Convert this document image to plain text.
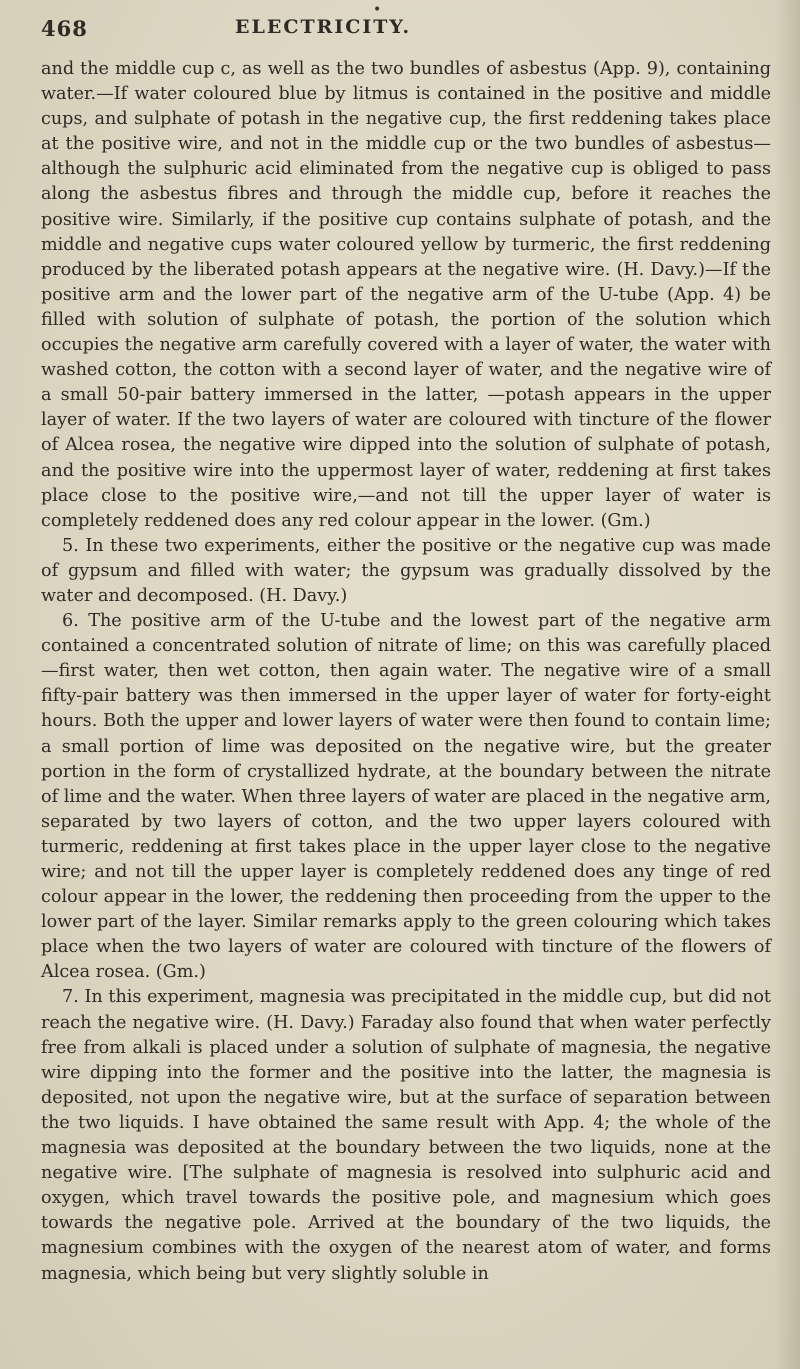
•
468	ELECTRICITY.

and the middle cup c, as well as the two bundles of asbestus (App. 9), containing water.—If water coloured blue by litmus is contained in the positive and middle cups, and sulphate of potash in the negative cup, the first reddening takes place at the positive wire, and not in the middle cup or the two bundles of asbestus—although the sulphuric acid eliminated from the negative cup is obliged to pass along the asbestus fibres and through the middle cup, before it reaches the positive wire. Similarly, if the positive cup contains sulphate of potash, and the middle and negative cups water coloured yellow by turmeric, the first reddening produced by the liberated potash appears at the negative wire. (H. Davy.)—If the positive arm and the lower part of the negative arm of the U-tube (App. 4) be filled with solution of sulphate of potash, the portion of the solution which occupies the negative arm carefully covered with a layer of water, the water with washed cotton, the cotton with a second layer of water, and the negative wire of a small 50-pair battery immersed in the latter, —potash appears in the upper layer of water. If the two layers of water are coloured with tincture of the flower of Alcea rosea, the negative wire dipped into the solution of sulphate of potash, and the positive wire into the uppermost layer of water, reddening at first takes place close to the positive wire,—and not till the upper layer of water is completely reddened does any red colour appear in the lower. (Gm.)

5. In these two experiments, either the positive or the negative cup was made of gypsum and filled with water; the gypsum was gradually dissolved by the water and decomposed. (H. Davy.)

6. The positive arm of the U-tube and the lowest part of the negative arm contained a concentrated solution of nitrate of lime; on this was carefully placed—first water, then wet cotton, then again water. The negative wire of a small fifty-pair battery was then immersed in the upper layer of water for forty-eight hours. Both the upper and lower layers of water were then found to contain lime; a small portion of lime was deposited on the negative wire, but the greater portion in the form of crystallized hydrate, at the boundary between the nitrate of lime and the water. When three layers of water are placed in the negative arm, separated by two layers of cotton, and the two upper layers coloured with turmeric, reddening at first takes place in the upper layer close to the negative wire; and not till the upper layer is completely reddened does any tinge of red colour appear in the lower, the reddening then proceeding from the upper to the lower part of the layer. Similar remarks apply to the green colouring which takes place when the two layers of water are coloured with tincture of the flowers of Alcea rosea. (Gm.)

7. In this experiment, magnesia was precipitated in the middle cup, but did not reach the negative wire. (H. Davy.) Faraday also found that when water perfectly free from alkali is placed under a solution of sulphate of magnesia, the negative wire dipping into the former and the positive into the latter, the magnesia is deposited, not upon the negative wire, but at the surface of separation between the two liquids. I have obtained the same result with App. 4; the whole of the magnesia was deposited at the boundary between the two liquids, none at the negative wire. [The sulphate of magnesia is resolved into sulphuric acid and oxygen, which travel towards the positive pole, and magnesium which goes towards the negative pole. Arrived at the boundary of the two liquids, the magnesium combines with the oxygen of the nearest atom of water, and forms magnesia, which being but very slightly soluble in
